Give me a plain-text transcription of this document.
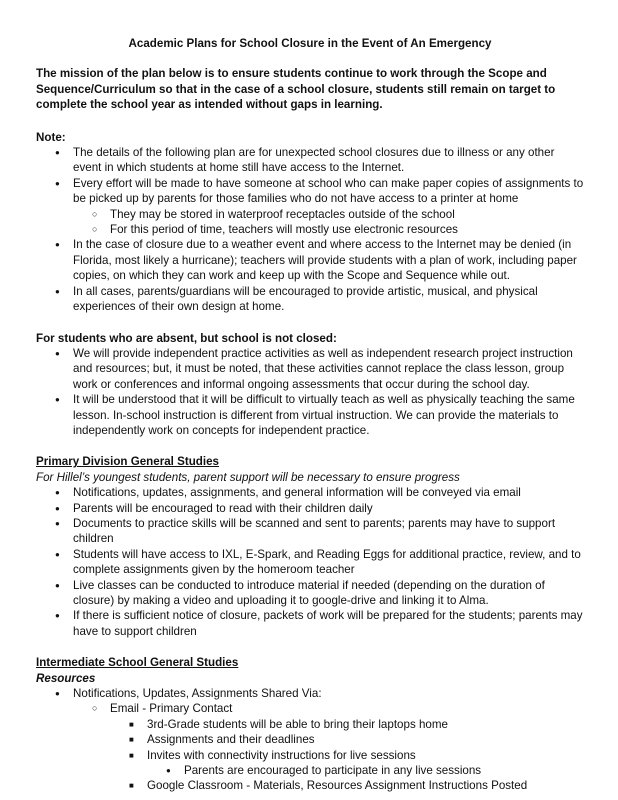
Academic Plans for School Closure in the Event of An Emergency

The mission of the plan below is to ensure students continue to work through the Scope and Sequence/Curriculum so that in the case of a school closure, students still remain on target to complete the school year as intended without gaps in learning.

Note:

● The details of the following plan are for unexpected school closures due to illness or any other event in which students at home still have access to the Internet.
● Every effort will be made to have someone at school who can make paper copies of assignments to be picked up by parents for those families who do not have access to a printer at home
○ They may be stored in waterproof receptacles outside of the school
○ For this period of time, teachers will mostly use electronic resources
● In the case of closure due to a weather event and where access to the Internet may be denied (in Florida, most likely a hurricane); teachers will provide students with a plan of work, including paper copies, on which they can work and keep up with the Scope and Sequence while out.
● In all cases, parents/guardians will be encouraged to provide artistic, musical, and physical experiences of their own design at home.

For students who are absent, but school is not closed:

● We will provide independent practice activities as well as independent research project instruction and resources; but, it must be noted, that these activities cannot replace the class lesson, group work or conferences and informal ongoing assessments that occur during the school day.
● It will be understood that it will be difficult to virtually teach as well as physically teaching the same lesson. In-school instruction is different from virtual instruction. We can provide the materials to independently work on concepts for independent practice.

Primary Division General Studies

For Hillel’s youngest students, parent support will be necessary to ensure progress

● Notifications, updates, assignments, and general information will be conveyed via email
● Parents will be encouraged to read with their children daily
● Documents to practice skills will be scanned and sent to parents; parents may have to support children
● Students will have access to IXL, E-Spark, and Reading Eggs for additional practice, review, and to complete assignments given by the homeroom teacher
● Live classes can be conducted to introduce material if needed (depending on the duration of closure) by making a video and uploading it to google-drive and linking it to Alma.
● If there is sufficient notice of closure, packets of work will be prepared for the students; parents may have to support children

Intermediate School General Studies

Resources

● Notifications, Updates, Assignments Shared Via:
○ Email - Primary Contact
■ 3rd-Grade students will be able to bring their laptops home
■ Assignments and their deadlines
■ Invites with connectivity instructions for live sessions
● Parents are encouraged to participate in any live sessions
■ Google Classroom - Materials, Resources Assignment Instructions Posted
